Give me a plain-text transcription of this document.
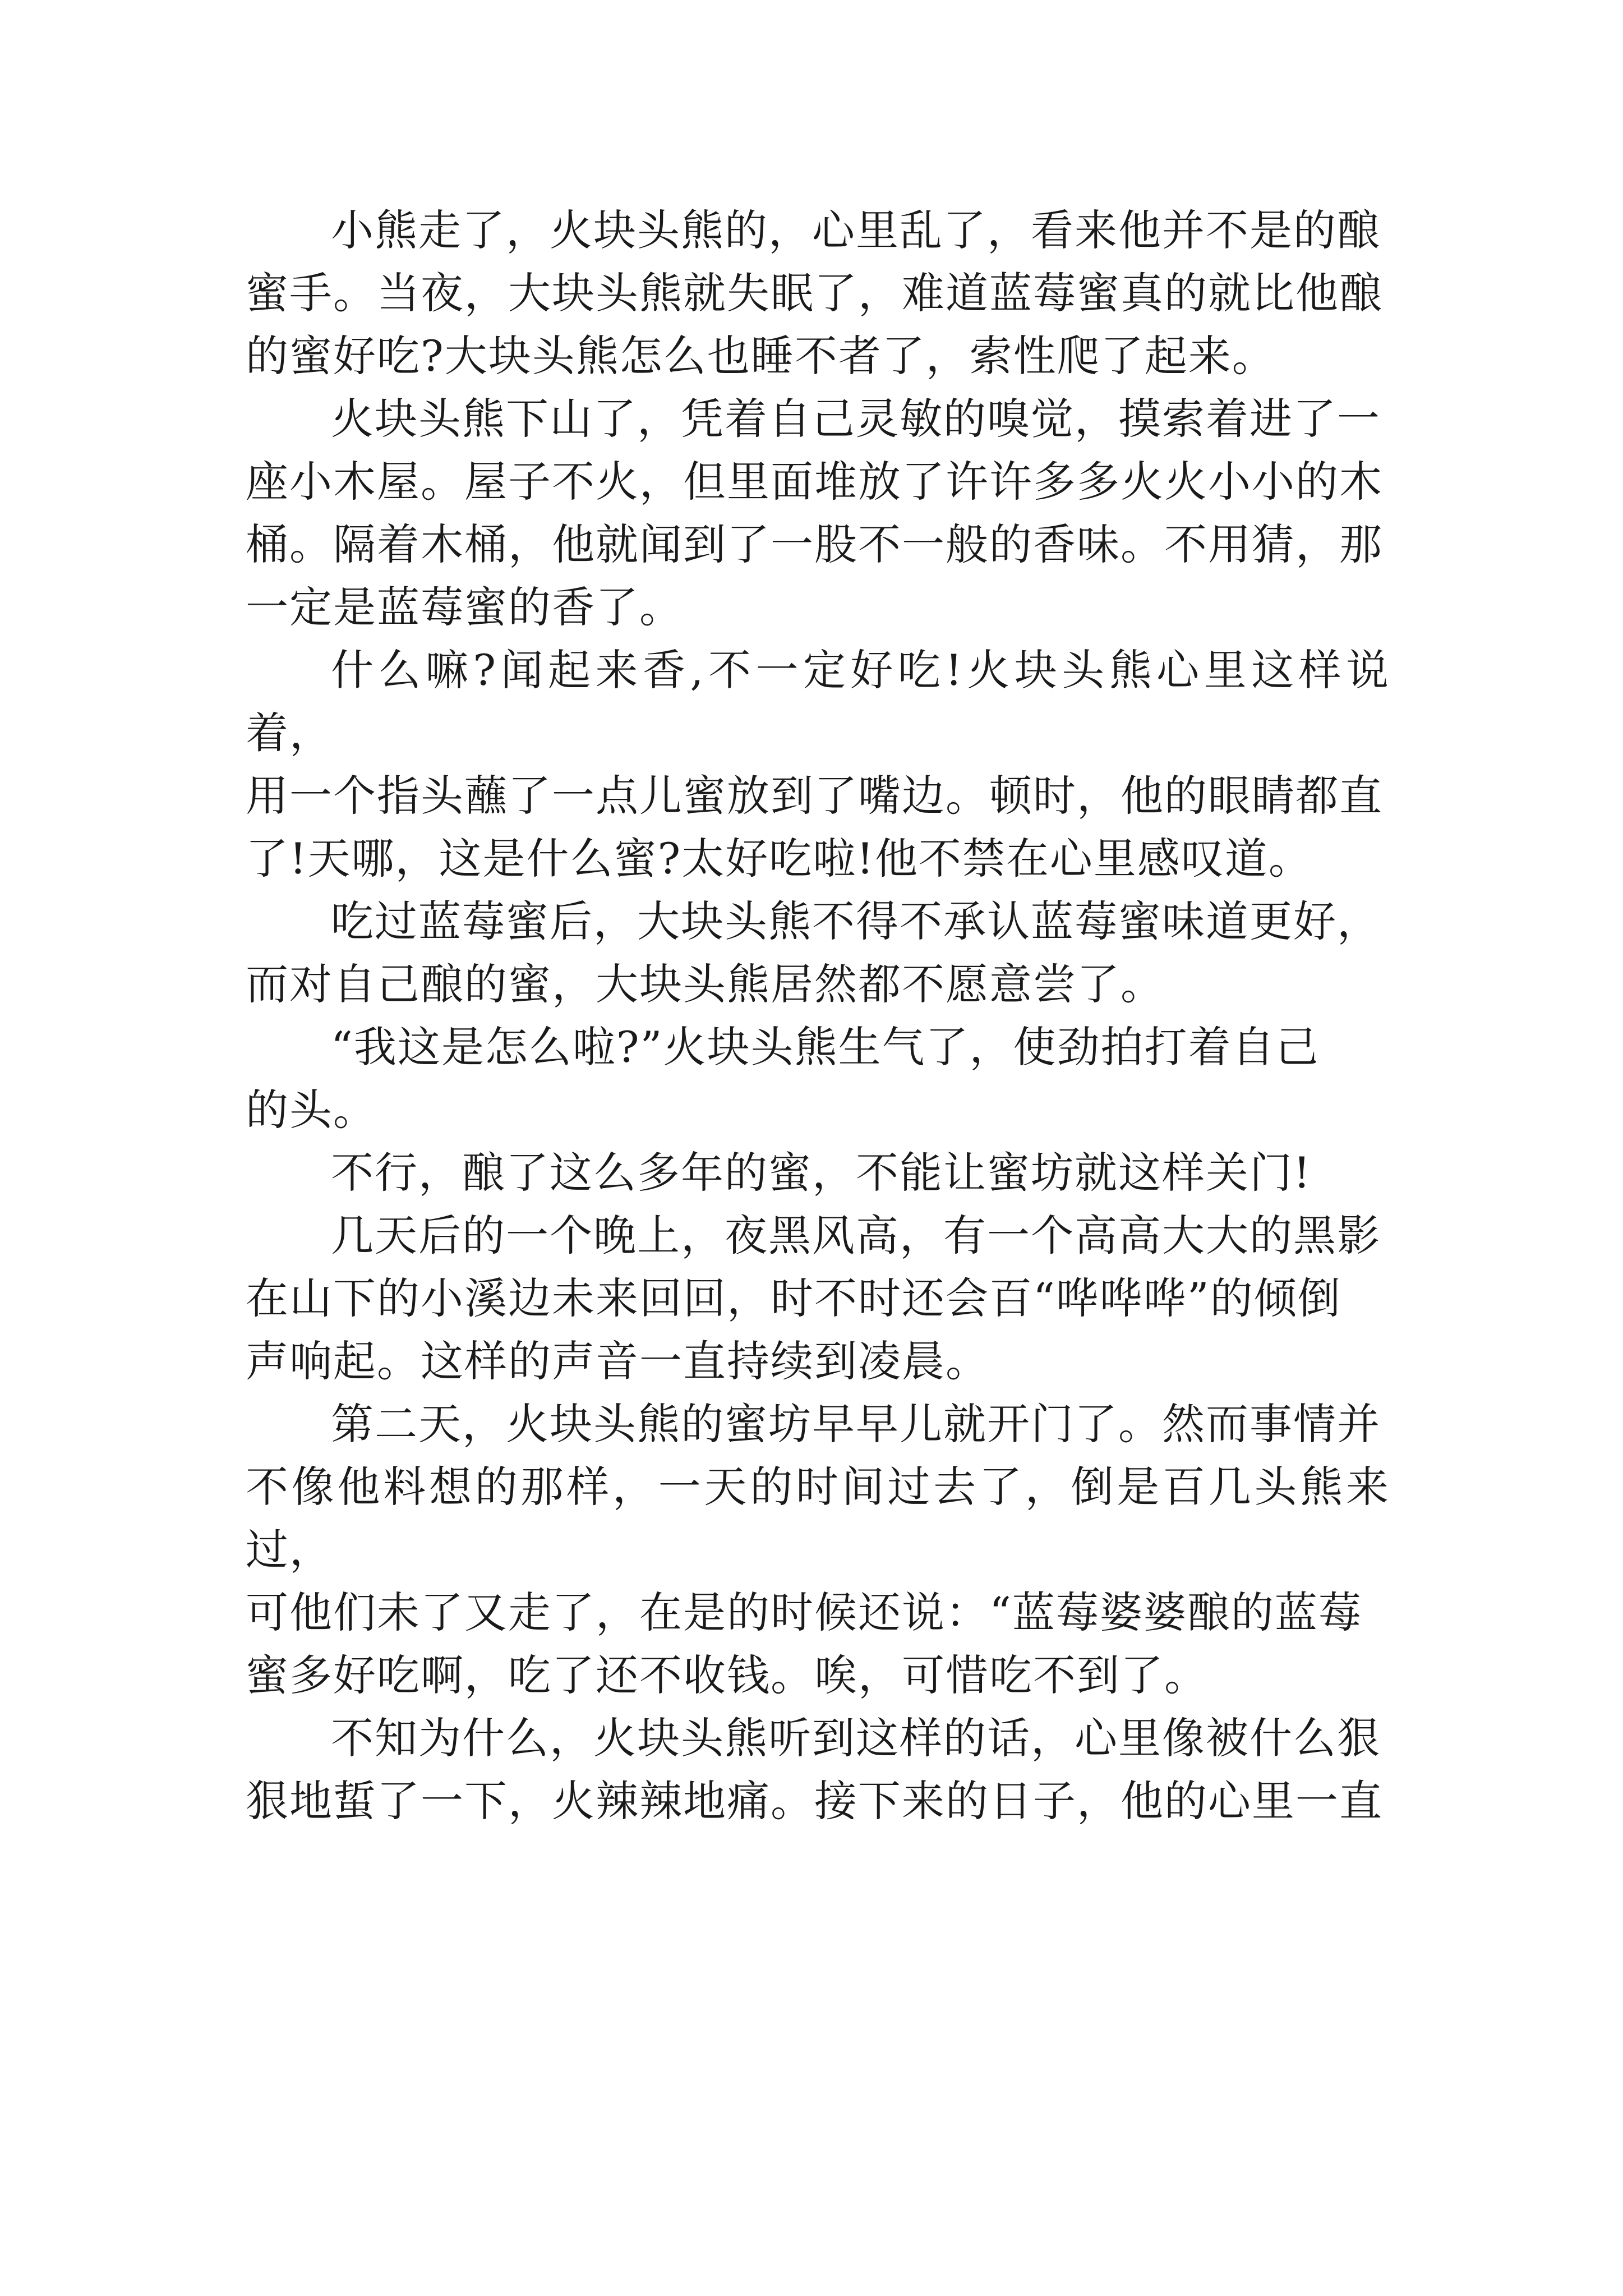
小熊走了，火块头熊的，心里乱了，看来他并不是的酿
蜜手。当夜，大块头熊就失眠了，难道蓝莓蜜真的就比他酿
的蜜好吃?大块头熊怎么也睡不者了，索性爬了起来。

火块头熊下山了，凭着自己灵敏的嗅觉，摸索着进了一
座小木屋。屋子不火，但里面堆放了许许多多火火小小的木
桶。隔着木桶，他就闻到了一股不一般的香味。不用猜，那
一定是蓝莓蜜的香了。

什么嘛?闻起来香,不一定好吃!火块头熊心里这样说着，
用一个指头蘸了一点儿蜜放到了嘴边。顿时，他的眼睛都直
了!天哪，这是什么蜜?太好吃啦!他不禁在心里感叹道。

吃过蓝莓蜜后，大块头熊不得不承认蓝莓蜜味道更好，
而对自己酿的蜜，大块头熊居然都不愿意尝了。

“我这是怎么啦?”火块头熊生气了，使劲拍打着自己
的头。

不行，酿了这么多年的蜜，不能让蜜坊就这样关门!

几天后的一个晚上，夜黑风高，有一个高高大大的黑影
在山下的小溪边未来回回，时不时还会百“哗哗哗”的倾倒
声响起。这样的声音一直持续到凌晨。

第二天，火块头熊的蜜坊早早儿就开门了。然而事情并
不像他料想的那样，一天的时间过去了，倒是百几头熊来过，
可他们未了又走了，在是的时候还说：“蓝莓婆婆酿的蓝莓
蜜多好吃啊，吃了还不收钱。唉，可惜吃不到了。

不知为什么，火块头熊听到这样的话，心里像被什么狠
狠地蜇了一下，火辣辣地痛。接下来的日子，他的心里一直
